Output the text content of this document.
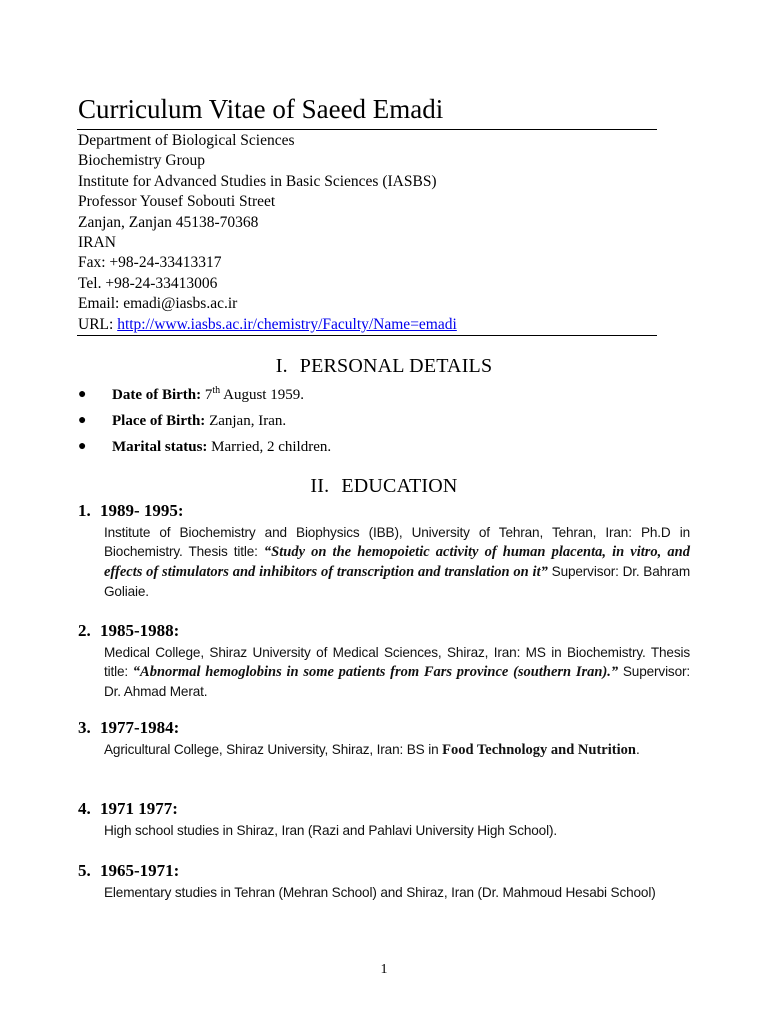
Curriculum Vitae of Saeed Emadi
Department of Biological Sciences
Biochemistry Group
Institute for Advanced Studies in Basic Sciences (IASBS)
Professor Yousef Sobouti Street
Zanjan, Zanjan 45138-70368
IRAN
Fax: +98-24-33413317
Tel. +98-24-33413006
Email: emadi@iasbs.ac.ir
URL: http://www.iasbs.ac.ir/chemistry/Faculty/Name=emadi
I. PERSONAL DETAILS
● Date of Birth: 7th August 1959.
● Place of Birth: Zanjan, Iran.
● Marital status: Married, 2 children.
II. EDUCATION
1. 1989- 1995:
Institute of Biochemistry and Biophysics (IBB), University of Tehran, Tehran, Iran: Ph.D in Biochemistry. Thesis title: “Study on the hemopoietic activity of human placenta, in vitro, and effects of stimulators and inhibitors of transcription and translation on it” Supervisor: Dr. Bahram Goliaie.
2. 1985-1988:
Medical College, Shiraz University of Medical Sciences, Shiraz, Iran: MS in Biochemistry. Thesis title: “Abnormal hemoglobins in some patients from Fars province (southern Iran).” Supervisor: Dr. Ahmad Merat.
3. 1977-1984:
Agricultural College, Shiraz University, Shiraz, Iran: BS in Food Technology and Nutrition.
4. 1971 1977:
High school studies in Shiraz, Iran (Razi and Pahlavi University High School).
5. 1965-1971:
Elementary studies in Tehran (Mehran School) and Shiraz, Iran (Dr. Mahmoud Hesabi School)
1
